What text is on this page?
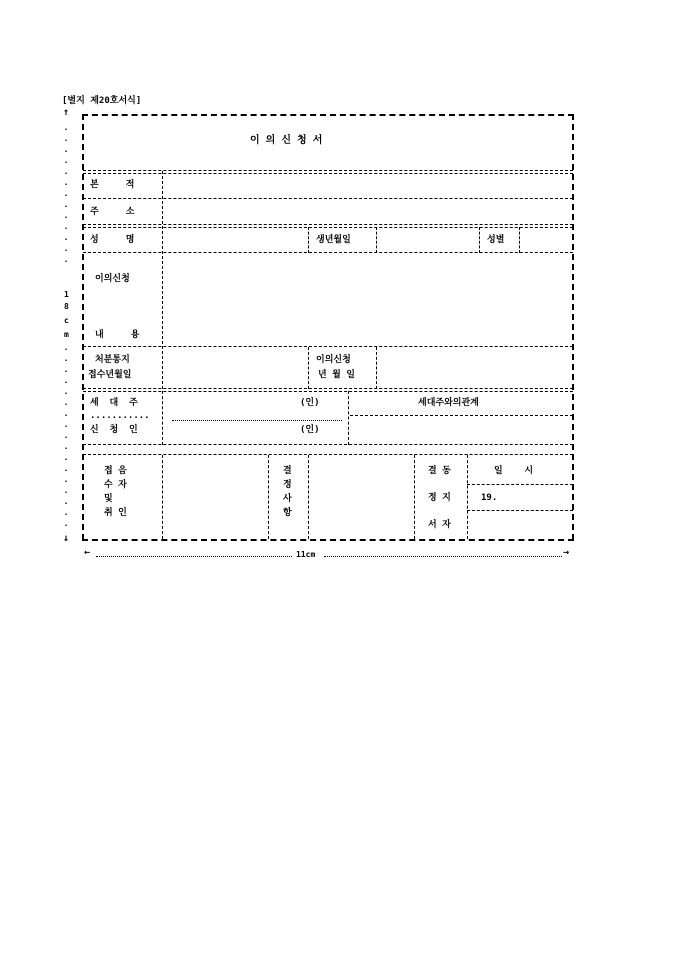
[별지 제20호서식]
↑
.
.
.
.
.
.
.
.
.
.
.
.
.
1
8
c
m
.
.
.
.
.
.
.
.
.
.
.
.
.
.
.
.
.
↓
이 의 신 청 서
본     적
주     소
성     명	생년월일	성별
이의신청
내     용
처분통지
접수년월일
이의신청
년 월 일
세  대  주	(인)	세대주와의관계
...........
신  청  인	(인)
접 음
수 자
및
취 인
결
정
사
항
결 동	일    시
정 지	19.
서 자
←	11cm	→
